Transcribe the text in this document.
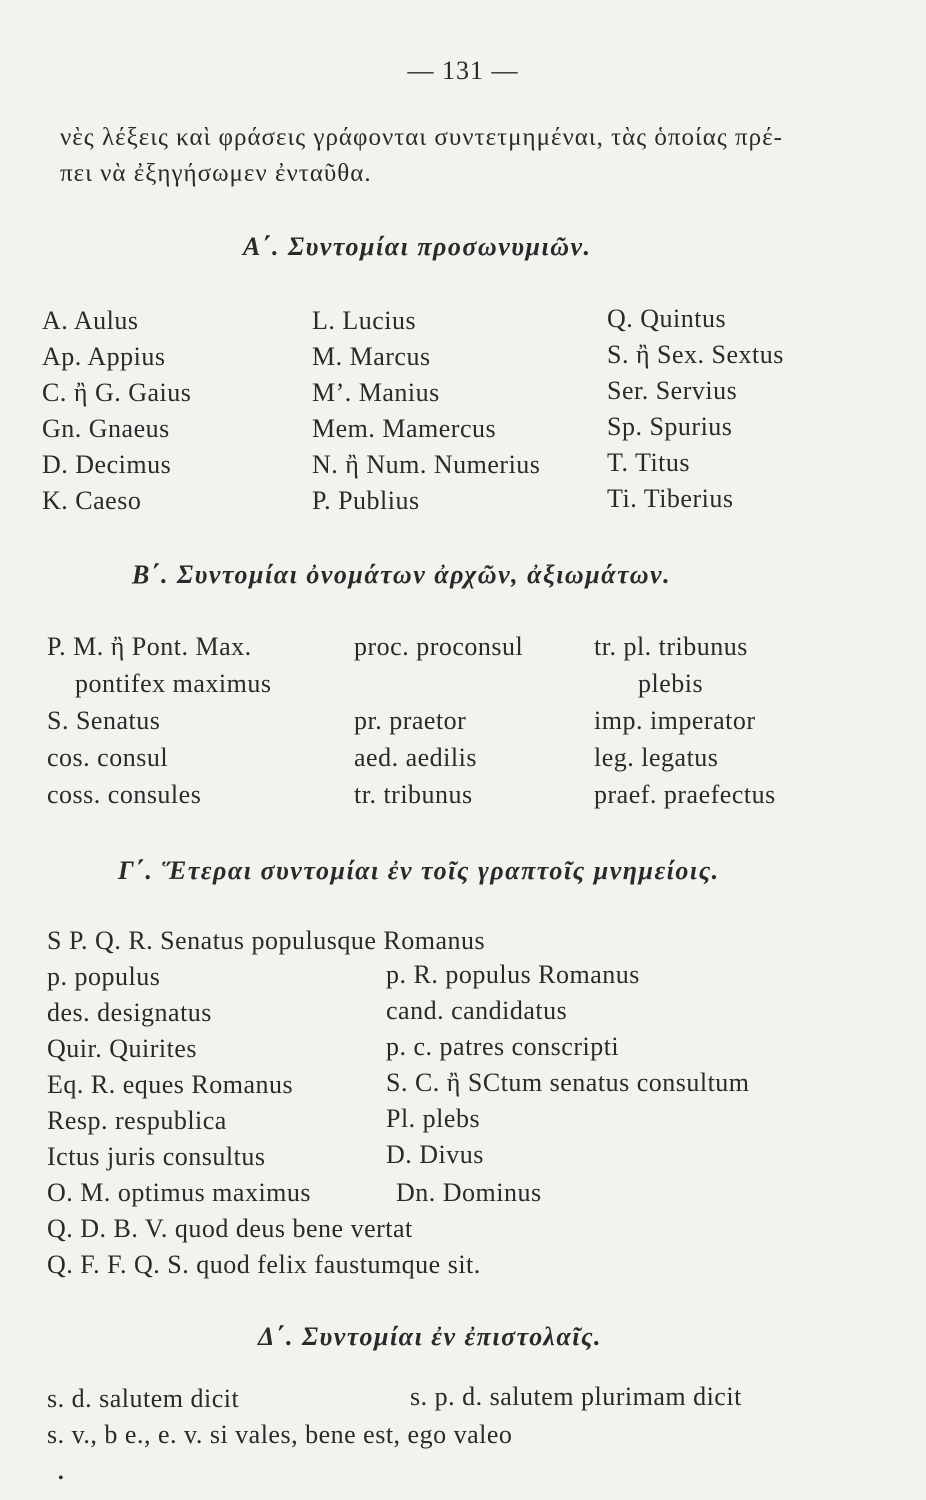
— 131 —
νὲς λέξεις καὶ φράσεις γράφονται συντετμημέναι, τὰς ὁποίας πρέ-
πει νὰ ἐξηγήσωμεν ἐνταῦθα.
Α΄. Συντομίαι προσωνυμιῶν.
A. Aulus
Ap. Appius
C. ἢ G. Gaius
Gn. Gnaeus
D. Decimus
K. Caeso
L. Lucius
M. Marcus
M’. Manius
Mem. Mamercus
N. ἢ Num. Numerius
P. Publius
Q. Quintus
S. ἢ Sex. Sextus
Ser. Servius
Sp. Spurius
T. Titus
Ti. Tiberius
Β΄. Συντομίαι ὀνομάτων ἀρχῶν, ἀξιωμάτων.
P. M. ἢ Pont. Max.
pontifex maximus
S. Senatus
cos. consul
coss. consules
proc. proconsul
pr. praetor
aed. aedilis
tr. tribunus
tr. pl. tribunus
plebis
imp. imperator
leg. legatus
praef. praefectus
Γ΄. Ἕτεραι συντομίαι ἐν τοῖς γραπτοῖς μνημείοις.
S P. Q. R. Senatus populusque Romanus
p. populus
des. designatus
Quir. Quirites
Eq. R. eques Romanus
Resp. respublica
Ictus juris consultus
O. M. optimus maximus
p. R. populus Romanus
cand. candidatus
p. c. patres conscripti
S. C. ἢ SCtum senatus consultum
Pl. plebs
D. Divus
Dn. Dominus
Q. D. B. V. quod deus bene vertat
Q. F. F. Q. S. quod felix faustumque sit.
Δ΄. Συντομίαι ἐν ἐπιστολαῖς.
s. d. salutem dicit	s. p. d. salutem plurimam dicit
s. v., b e., e. v. si vales, bene est, ego valeo
•
